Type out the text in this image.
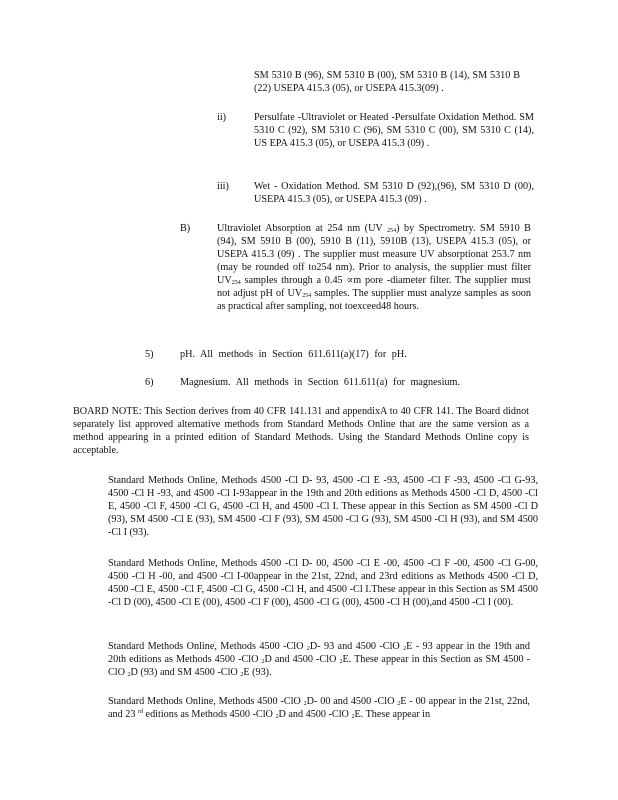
SM 5310 B (96), SM 5310 B (00), SM 5310 B (14), SM 5310 B (22) USEPA 415.3 (05), or USEPA 415.3(09) .

ii)	Persulfate -Ultraviolet or Heated -Persulfate Oxidation Method. SM 5310 C (92), SM 5310 C (96), SM 5310 C (00), SM 5310 C (14), US EPA 415.3 (05), or USEPA 415.3 (09) .

iii) Wet - Oxidation Method. SM 5310 D (92),(96), SM 5310 D (00), USEPA 415.3 (05), or USEPA 415.3 (09) .

B)	Ultraviolet Absorption at 254 nm (UV $_{254}$) by Spectrometry. SM 5910 B (94), SM 5910 B (00), 5910 B (11), 5910B (13), USEPA 415.3 (05), or USEPA 415.3 (09) . The supplier must measure UV absorptionat 253.7 nm (may be rounded off to254 nm). Prior to analysis, the supplier must filter $UV_{254}$ samples through a 0.45 ∝m pore -diameter filter. The supplier must not adjust pH of $UV_{254}$ samples. The supplier must analyze samples as soon as practical after sampling, not toexceed48 hours.

5)	pH. All methods in Section 611.611(a)(17) for pH.

6)	Magnesium. All methods in Section 611.611(a) for magnesium.

BOARD NOTE: This Section derives from 40 CFR 141.131 and appendixA to 40 CFR 141. The Board didnot separately list approved alternative methods from Standard Methods Online that are the same version as a method appearing in a printed edition of Standard Methods. Using the Standard Methods Online copy is acceptable.

Standard Methods Online, Methods 4500 -Cl D- 93, 4500 -Cl E -93, 4500 -Cl F -93, 4500 -Cl G-93, 4500 -Cl H -93, and 4500 -Cl I-93appear in the 19th and 20th editions as Methods 4500 -Cl D, 4500 -Cl E, 4500 -Cl F, 4500 -Cl G, 4500 -Cl H, and 4500 -Cl I. These appear in this Section as SM 4500 -Cl D (93), SM 4500 -Cl E (93), SM 4500 -Cl F (93), SM 4500 -Cl G (93), SM 4500 -Cl H (93), and SM 4500 -Cl I (93).

Standard Methods Online, Methods 4500 -Cl D- 00, 4500 -Cl E -00, 4500 -Cl F -00, 4500 -Cl G-00, 4500 -Cl H -00, and 4500 -Cl I-00appear in the 21st, 22nd, and 23rd editions as Methods 4500 -Cl D, 4500 -Cl E, 4500 -Cl F, 4500 -Cl G, 4500 -Cl H, and 4500 -Cl I.These appear in this Section as SM 4500 -Cl D (00), 4500 -Cl E (00), 4500 -Cl F (00), 4500 -Cl G (00), 4500 -Cl H (00),and 4500 -Cl I (00).

Standard Methods Online, Methods 4500 -ClO $_2$D- 93 and 4500 -ClO $_2$E - 93 appear in the 19th and 20th editions as Methods 4500 -ClO $_2$D and 4500 -ClO $_2$E. These appear in this Section as SM 4500 -ClO $_2$D (93) and SM 4500 -ClO $_2$E (93).

Standard Methods Online, Methods 4500 -ClO $_2$D- 00 and 4500 -ClO $_2$E - 00 appear in the 21st, 22nd, and 23 $^{rd}$ editions as Methods 4500 -ClO $_2$D and 4500 -ClO $_2$E. These appear in
